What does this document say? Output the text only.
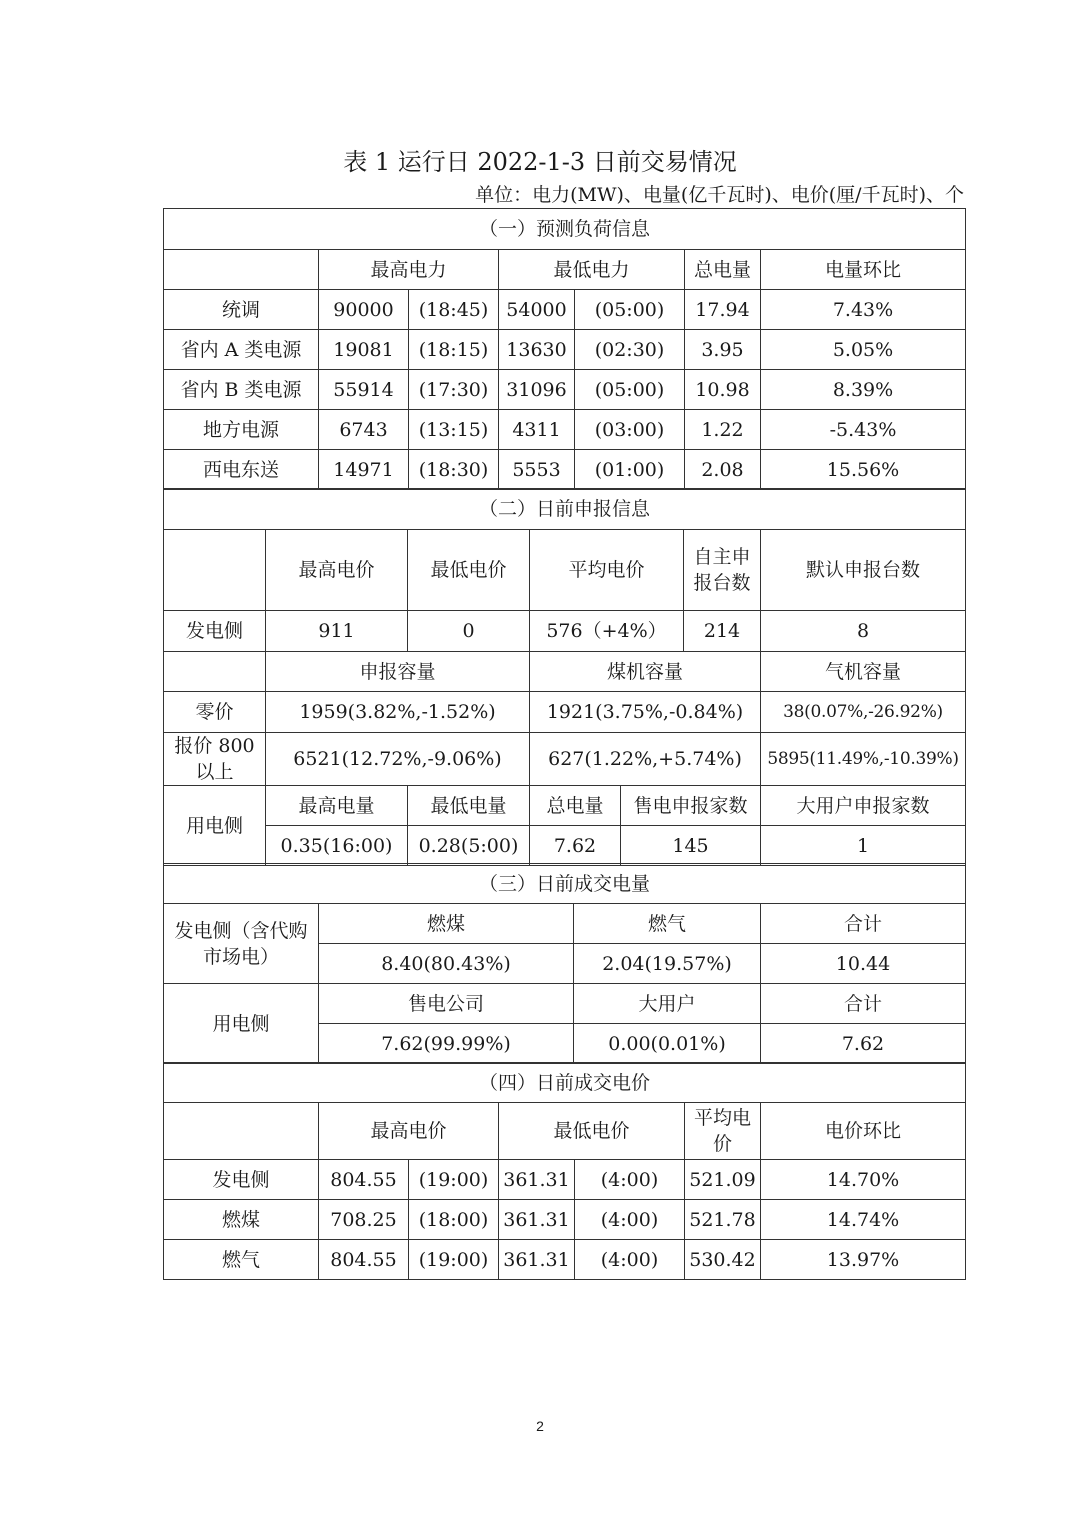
表 1 运行日 2022-1-3 日前交易情况
单位：电力(MW)、电量(亿千瓦时)、电价(厘/千瓦时)、个
（一）预测负荷信息						
	最高电力		最低电力		总电量	电量环比
统调	90000	(18:45)	54000	(05:00)	17.94	7.43%
省内 A 类电源	19081	(18:15)	13630	(02:30)	3.95	5.05%
省内 B 类电源	55914	(17:30)	31096	(05:00)	10.98	8.39%
地方电源	6743	(13:15)	4311	(03:00)	1.22	-5.43%
西电东送	14971	(18:30)	5553	(01:00)	2.08	15.56%
（二）日前申报信息						
	最高电价	最低电价	平均电价		自主申报台数	默认申报台数
发电侧	911	0	576（+4%）		214	8
	申报容量		煤机容量			气机容量
零价	1959(3.82%,-1.52%)		1921(3.75%,-0.84%)			38(0.07%,-26.92%)
报价 800 以上	6521(12.72%,-9.06%)		627(1.22%,+5.74%)			5895(11.49%,-10.39%)
用电侧	最高电量	最低电量	总电量	售电申报家数		大用户申报家数
	0.35(16:00)	0.28(5:00)	7.62	145		1
（三）日前成交电量			
发电侧（含代购市场电）	燃煤	燃气	合计
	8.40(80.43%)	2.04(19.57%)	10.44
用电侧	售电公司	大用户	合计
	7.62(99.99%)	0.00(0.01%)	7.62
（四）日前成交电价						
	最高电价		最低电价		平均电价	电价环比
发电侧	804.55	(19:00)	361.31	(4:00)	521.09	14.70%
燃煤	708.25	(18:00)	361.31	(4:00)	521.78	14.74%
燃气	804.55	(19:00)	361.31	(4:00)	530.42	13.97%
2
